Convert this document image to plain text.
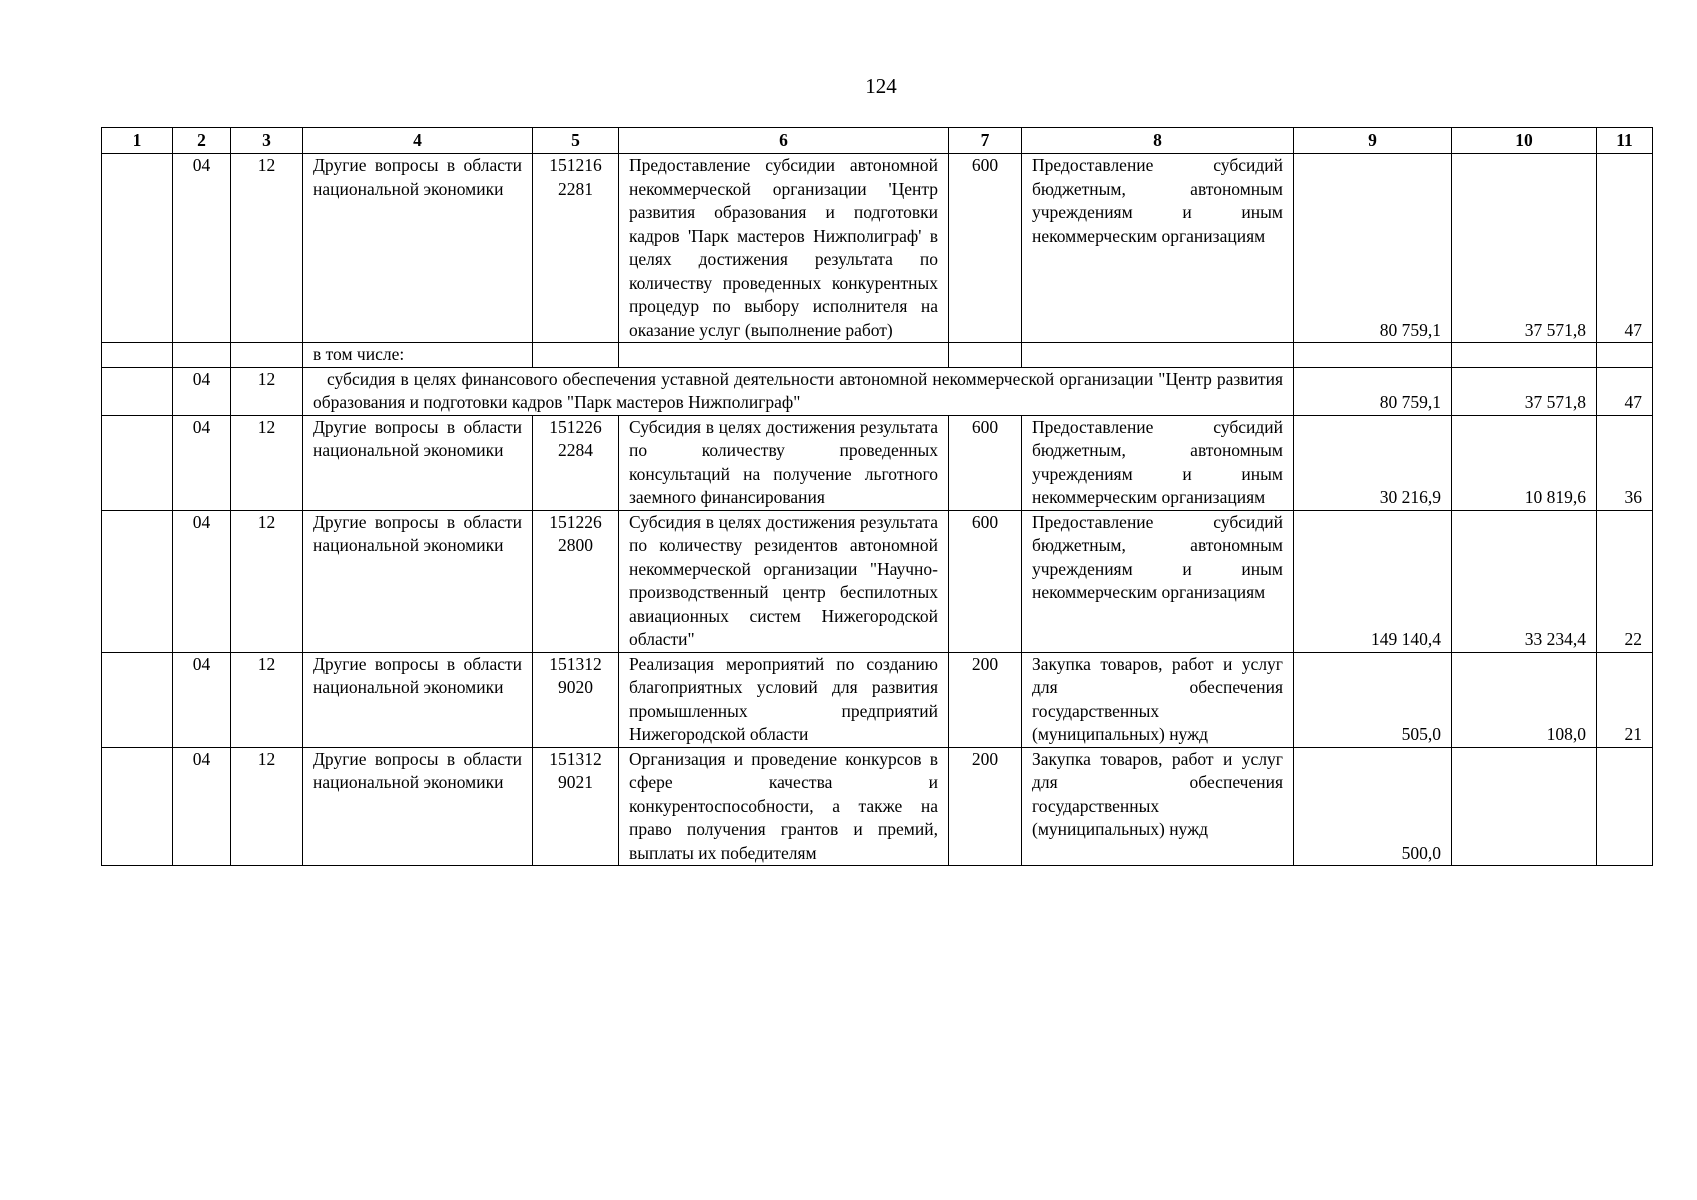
124
1	2	3	4	5	6	7	8	9	10	11
	04	12	Другие вопросы в области национальной экономики	151216 2281	Предоставление субсидии автономной некоммерческой организации 'Центр развития образования и подготовки кадров 'Парк мастеров Нижполиграф' в целях достижения результата по количеству проведенных конкурентных процедур по выбору исполнителя на оказание услуг (выполнение работ)	600	Предоставление субсидий бюджетным, автономным учреждениям и иным некоммерческим организациям	80 759,1	37 571,8	47
			в том числе:							
	04	12	субсидия в целях финансового обеспечения уставной деятельности автономной некоммерческой организации "Центр развития образования и подготовки кадров "Парк мастеров Нижполиграф"					80 759,1	37 571,8	47
	04	12	Другие вопросы в области национальной экономики	151226 2284	Субсидия в целях достижения результата по количеству проведенных консультаций на получение льготного заемного финансирования	600	Предоставление субсидий бюджетным, автономным учреждениям и иным некоммерческим организациям	30 216,9	10 819,6	36
	04	12	Другие вопросы в области национальной экономики	151226 2800	Субсидия в целях достижения результата по количеству резидентов автономной некоммерческой организации "Научно-производственный центр беспилотных авиационных систем Нижегородской области"	600	Предоставление субсидий бюджетным, автономным учреждениям и иным некоммерческим организациям	149 140,4	33 234,4	22
	04	12	Другие вопросы в области национальной экономики	151312 9020	Реализация мероприятий по созданию благоприятных условий для развития промышленных предприятий Нижегородской области	200	Закупка товаров, работ и услуг для обеспечения государственных (муниципальных) нужд	505,0	108,0	21
	04	12	Другие вопросы в области национальной экономики	151312 9021	Организация и проведение конкурсов в сфере качества и конкурентоспособности, а также на право получения грантов и премий, выплаты их победителям	200	Закупка товаров, работ и услуг для обеспечения государственных (муниципальных) нужд	500,0		
